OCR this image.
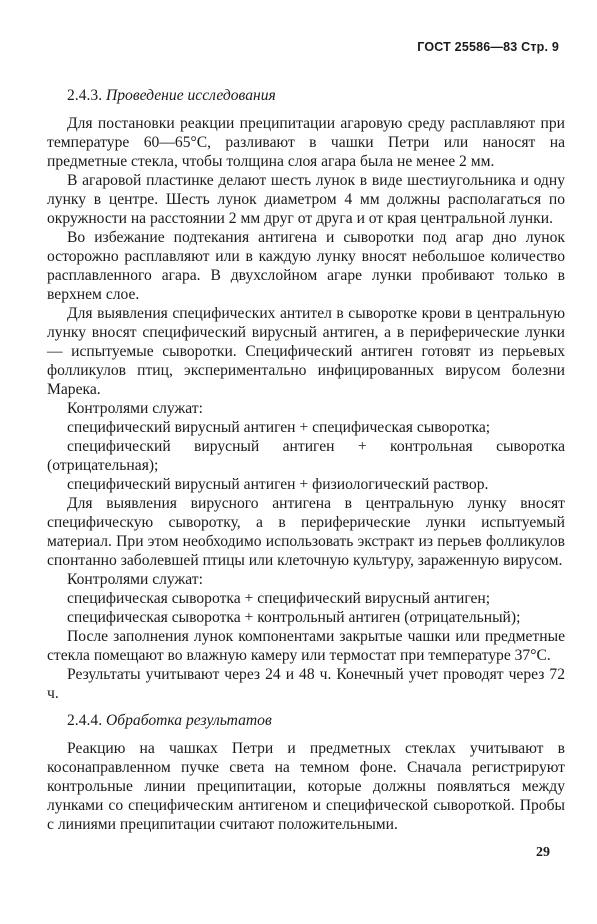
ГОСТ 25586—83 Стр. 9
2.4.3. Проведение исследования

Для постановки реакции преципитации агаровую среду расплавляют при температуре 60—65°С, разливают в чашки Петри или наносят на предметные стекла, чтобы толщина слоя агара была не менее 2 мм.

В агаровой пластинке делают шесть лунок в виде шестиугольника и одну лунку в центре. Шесть лунок диаметром 4 мм должны располагаться по окружности на расстоянии 2 мм друг от друга и от края центральной лунки.

Во избежание подтекания антигена и сыворотки под агар дно лунок осторожно расплавляют или в каждую лунку вносят небольшое количество расплавленного агара. В двухслойном агаре лунки пробивают только в верхнем слое.

Для выявления специфических антител в сыворотке крови в центральную лунку вносят специфический вирусный антиген, а в периферические лунки — испытуемые сыворотки. Специфический антиген готовят из перьевых фолликулов птиц, экспериментально инфицированных вирусом болезни Марека.

Контролями служат:

специфический вирусный антиген + специфическая сыворотка;

специфический вирусный антиген + контрольная сыворотка (отрицательная);

специфический вирусный антиген + физиологический раствор.

Для выявления вирусного антигена в центральную лунку вносят специфическую сыворотку, а в периферические лунки испытуемый материал. При этом необходимо использовать экстракт из перьев фолликулов спонтанно заболевшей птицы или клеточную культуру, зараженную вирусом.

Контролями служат:

специфическая сыворотка + специфический вирусный антиген;

специфическая сыворотка + контрольный антиген (отрицательный);

После заполнения лунок компонентами закрытые чашки или предметные стекла помещают во влажную камеру или термостат при температуре 37°С.

Результаты учитывают через 24 и 48 ч. Конечный учет проводят через 72 ч.

2.4.4. Обработка результатов

Реакцию на чашках Петри и предметных стеклах учитывают в косонаправленном пучке света на темном фоне. Сначала регистрируют контрольные линии преципитации, которые должны появляться между лунками со специфическим антигеном и специфической сывороткой. Пробы с линиями преципитации считают положительными.

29
